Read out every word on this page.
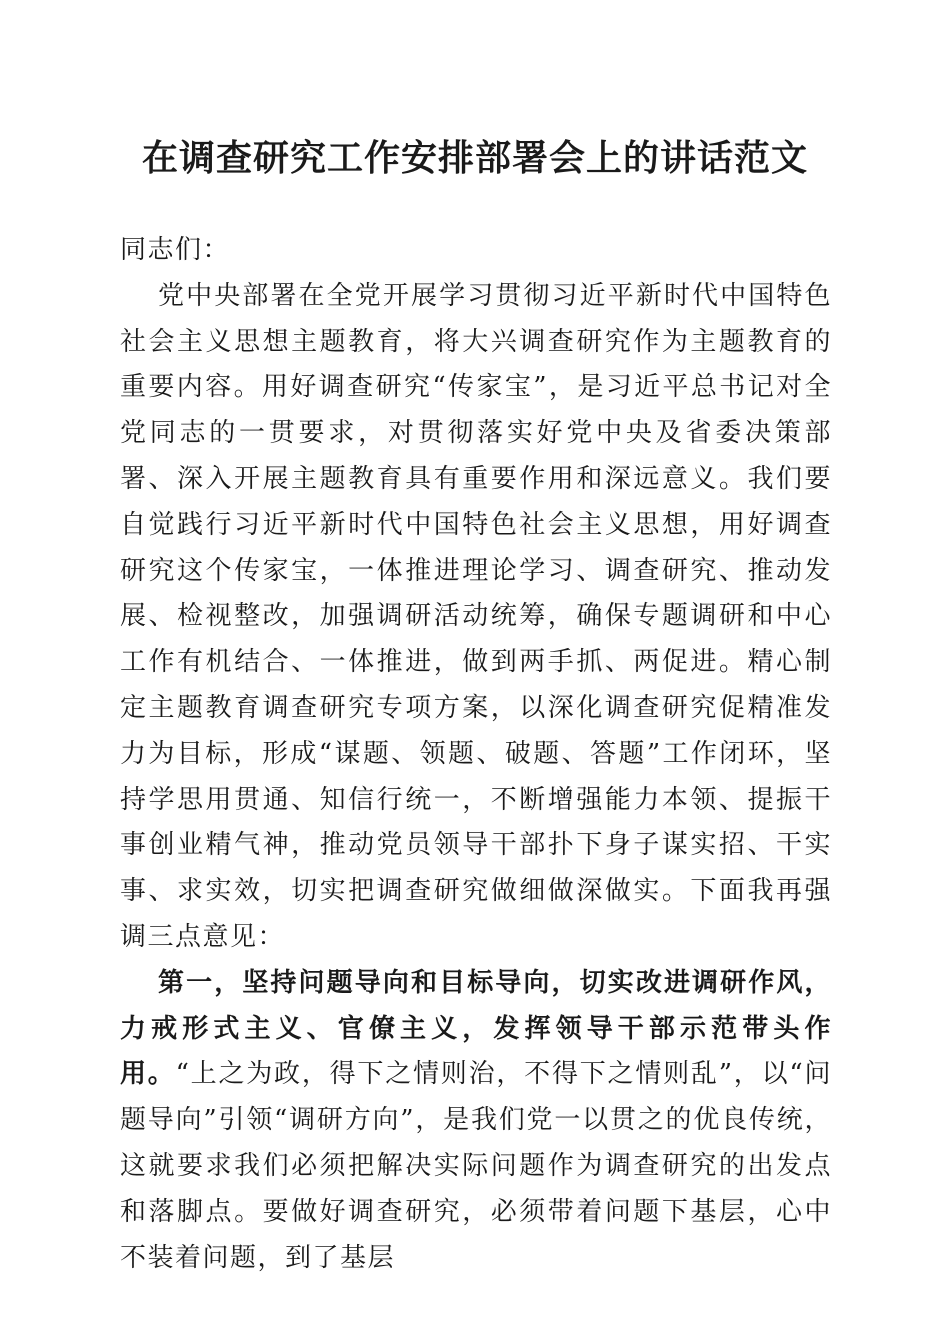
在调查研究工作安排部署会上的讲话范文

同志们：

党中央部署在全党开展学习贯彻习近平新时代中国特色社会主义思想主题教育，将大兴调查研究作为主题教育的重要内容。用好调查研究“传家宝”，是习近平总书记对全党同志的一贯要求，对贯彻落实好党中央及省委决策部署、深入开展主题教育具有重要作用和深远意义。我们要自觉践行习近平新时代中国特色社会主义思想，用好调查研究这个传家宝，一体推进理论学习、调查研究、推动发展、检视整改，加强调研活动统筹，确保专题调研和中心工作有机结合、一体推进，做到两手抓、两促进。精心制定主题教育调查研究专项方案，以深化调查研究促精准发力为目标，形成“谋题、领题、破题、答题”工作闭环，坚持学思用贯通、知信行统一，不断增强能力本领、提振干事创业精气神，推动党员领导干部扑下身子谋实招、干实事、求实效，切实把调查研究做细做深做实。下面我再强调三点意见：

第一，坚持问题导向和目标导向，切实改进调研作风，力戒形式主义、官僚主义，发挥领导干部示范带头作用。“上之为政，得下之情则治，不得下之情则乱”，以“问题导向”引领“调研方向”，是我们党一以贯之的优良传统，这就要求我们必须把解决实际问题作为调查研究的出发点和落脚点。要做好调查研究，必须带着问题下基层，心中不装着问题，到了基层
